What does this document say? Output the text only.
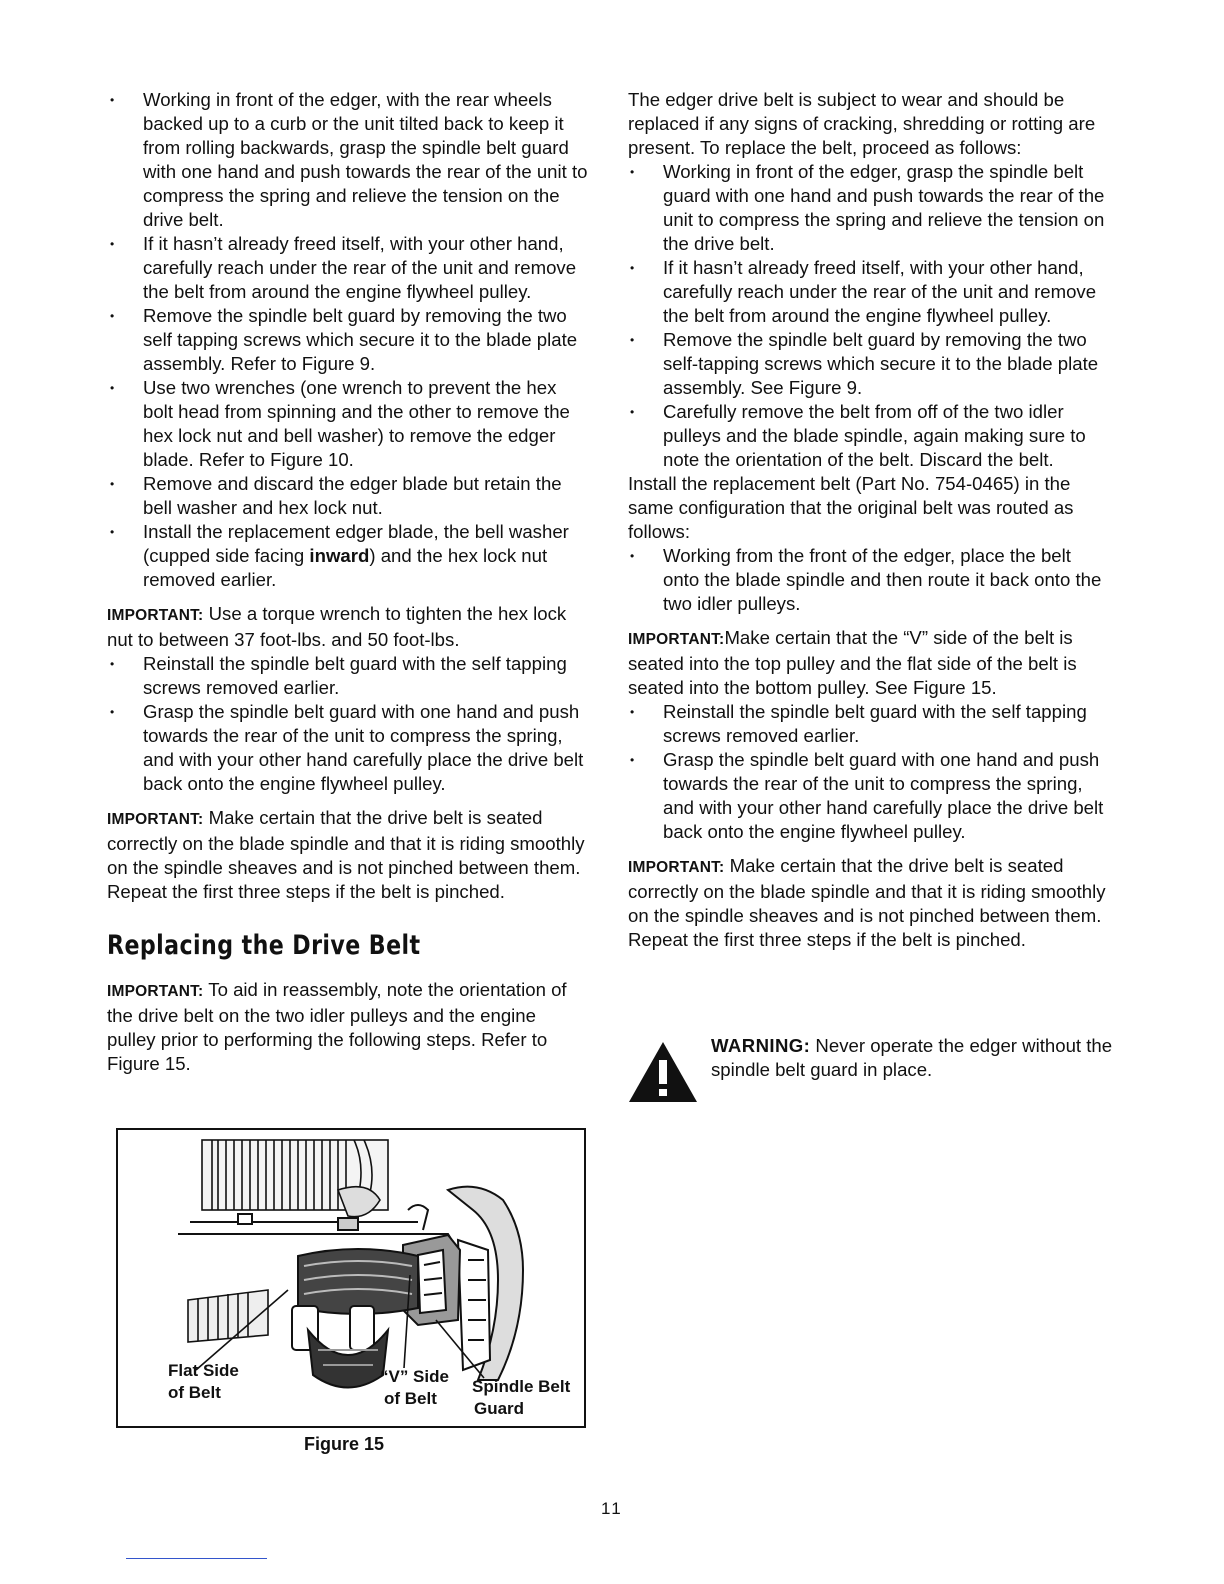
• Working in front of the edger, with the rear wheels backed up to a curb or the unit tilted back to keep it from rolling backwards, grasp the spindle belt guard with one hand and push towards the rear of the unit to compress the spring and relieve the tension on the drive belt.
• If it hasn’t already freed itself, with your other hand, carefully reach under the rear of the unit and remove the belt from around the engine flywheel pulley.
• Remove the spindle belt guard by removing the two self tapping screws which secure it to the blade plate assembly. Refer to Figure 9.
• Use two wrenches (one wrench to prevent the hex bolt head from spinning and the other to remove the hex lock nut and bell washer) to remove the edger blade. Refer to Figure 10.
• Remove and discard the edger blade but retain the bell washer and hex lock nut.
• Install the replacement edger blade, the bell washer (cupped side facing inward) and the hex lock nut removed earlier.

IMPORTANT: Use a torque wrench to tighten the hex lock nut to between 37 foot-lbs. and 50 foot-lbs.

• Reinstall the spindle belt guard with the self tapping screws removed earlier.
• Grasp the spindle belt guard with one hand and push towards the rear of the unit to compress the spring, and with your other hand carefully place the drive belt back onto the engine flywheel pulley.

IMPORTANT: Make certain that the drive belt is seated correctly on the blade spindle and that it is riding smoothly on the spindle sheaves and is not pinched between them. Repeat the first three steps if the belt is pinched.

Replacing the Drive Belt

IMPORTANT: To aid in reassembly, note the orientation of the drive belt on the two idler pulleys and the engine pulley prior to performing the following steps. Refer to Figure 15.

Flat Side
of Belt
“V” Side
of Belt
Spindle Belt
Guard
Figure 15

The edger drive belt is subject to wear and should be replaced if any signs of cracking, shredding or rotting are present. To replace the belt, proceed as follows:

• Working in front of the edger, grasp the spindle belt guard with one hand and push towards the rear of the unit to compress the spring and relieve the tension on the drive belt.
• If it hasn’t already freed itself, with your other hand, carefully reach under the rear of the unit and remove the belt from around the engine flywheel pulley.
• Remove the spindle belt guard by removing the two self-tapping screws which secure it to the blade plate assembly. See Figure 9.
• Carefully remove the belt from off of the two idler pulleys and the blade spindle, again making sure to note the orientation of the belt. Discard the belt.

Install the replacement belt (Part No. 754-0465) in the same configuration that the original belt was routed as follows:

• Working from the front of the edger, place the belt onto the blade spindle and then route it back onto the two idler pulleys.

IMPORTANT:Make certain that the “V” side of the belt is seated into the top pulley and the flat side of the belt is seated into the bottom pulley. See Figure 15.

• Reinstall the spindle belt guard with the self tapping screws removed earlier.
• Grasp the spindle belt guard with one hand and push towards the rear of the unit to compress the spring, and with your other hand carefully place the drive belt back onto the engine flywheel pulley.

IMPORTANT: Make certain that the drive belt is seated correctly on the blade spindle and that it is riding smoothly on the spindle sheaves and is not pinched between them. Repeat the first three steps if the belt is pinched.

WARNING: Never operate the edger without the spindle belt guard in place.
11
